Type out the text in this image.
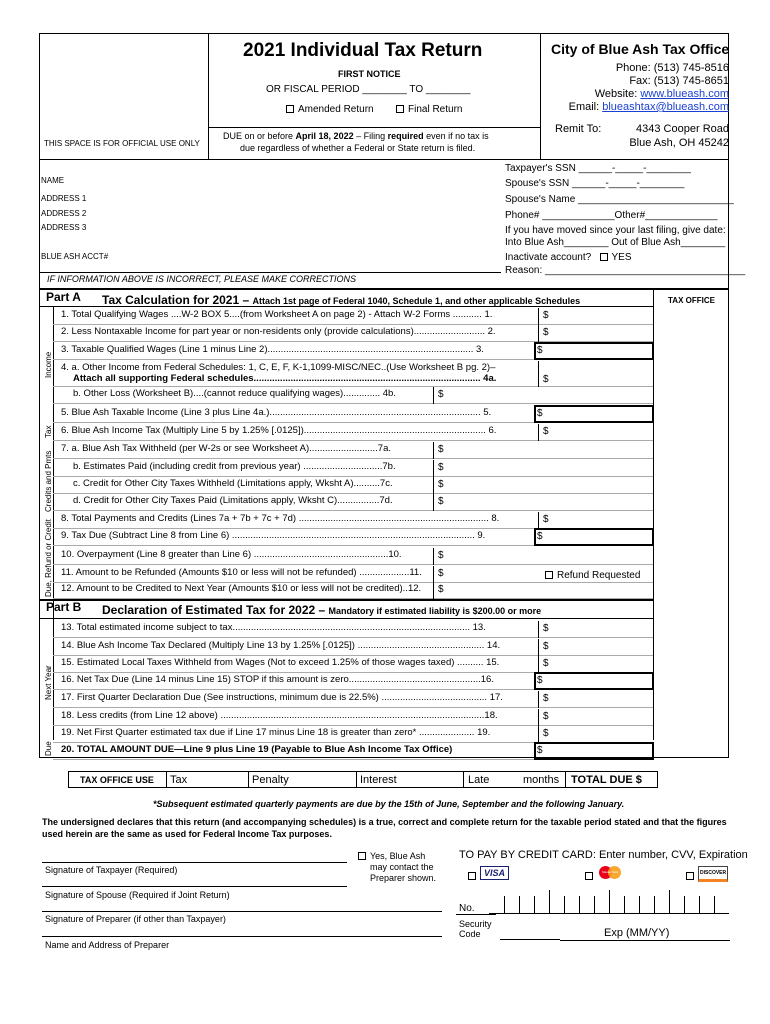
2021 Individual Tax Return
FIRST NOTICE
OR FISCAL PERIOD ________ TO ________
Amended Return	Final Return
THIS SPACE IS FOR OFFICIAL USE ONLY
DUE on or before April 18, 2022 – Filing required even if no tax is
due regardless of whether a Federal or State return is filed.
City of Blue Ash Tax Office
Phone: (513) 745-8516
Fax: (513) 745-8651
Website: www.blueash.com
Email: blueashtax@blueash.com
Remit To:	4343 Cooper Road
Blue Ash, OH 45242
NAME
ADDRESS 1
ADDRESS 2
ADDRESS 3
BLUE ASH ACCT#
IF INFORMATION ABOVE IS INCORRECT, PLEASE MAKE CORRECTIONS
Taxpayer's SSN ______-_____-________
Spouse's SSN ______-_____-________
Spouse's Name ____________________________
Phone# _____________Other#_____________
If you have moved since your last filing, give date:
Into Blue Ash________ Out of Blue Ash________
Inactivate account? YES
Reason: ____________________________________
Part A Tax Calculation for 2021 – Attach 1st page of Federal 1040, Schedule 1, and other applicable Schedules	TAX OFFICE
Income
Tax
Credits and Pmts
Due, Refund or Credit
1. Total Qualifying Wages ....W-2 BOX 5....(from Worksheet A on page 2) - Attach W-2 Forms ........... 1.	$
2. Less Nontaxable Income for part year or non-residents only (provide calculations)........................... 2.	$
3. Taxable Qualified Wages (Line 1 minus Line 2).............................................................................. 3.	$
4. a. Other Income from Federal Schedules: 1, C, E, F, K-1,1099-MISC/NEC..(Use Worksheet B pg. 2)–
Attach all supporting Federal schedules...................................................................................... 4a.	$
b. Other Loss (Worksheet B)....(cannot reduce qualifying wages).............. 4b.	$
5. Blue Ash Taxable Income (Line 3 plus Line 4a.)................................................................................ 5.	$
6. Blue Ash Income Tax (Multiply Line 5 by 1.25% [.0125])..................................................................... 6.	$
7. a. Blue Ash Tax Withheld (per W-2s or see Worksheet A)..........................7a.	$
b. Estimates Paid (including credit from previous year) ..............................7b.	$
c. Credit for Other City Taxes Withheld (Limitations apply, Wksht A)..........7c.	$
d. Credit for Other City Taxes Paid (Limitations apply, Wksht C)................7d.	$
8. Total Payments and Credits (Lines 7a + 7b + 7c + 7d) ........................................................................ 8.	$
9. Tax Due (Subtract Line 8 from Line 6) ............................................................................................ 9.	$
10. Overpayment (Line 8 greater than Line 6) ...................................................10.	$
11. Amount to be Refunded (Amounts $10 or less will not be refunded) ...................11. $	Refund Requested
12. Amount to be Credited to Next Year (Amounts $10 or less will not be credited)..12. $
Part B Declaration of Estimated Tax for 2022 – Mandatory if estimated liability is $200.00 or more
Next Year
Due
13. Total estimated income subject to tax.......................................................................................... 13.	$
14. Blue Ash Income Tax Declared (Multiply Line 13 by 1.25% [.0125]) ................................................ 14.	$
15. Estimated Local Taxes Withheld from Wages (Not to exceed 1.25% of those wages taxed) .......... 15.	$
16. Net Tax Due (Line 14 minus Line 15) STOP if this amount is zero..................................................16.	$
17. First Quarter Declaration Due (See instructions, minimum due is 22.5%) ........................................ 17.	$
18. Less credits (from Line 12 above) ....................................................................................................18.	$
19. Net First Quarter estimated tax due if Line 17 minus Line 18 is greater than zero* ..................... 19.	$
20. TOTAL AMOUNT DUE—Line 9 plus Line 19 (Payable to Blue Ash Income Tax Office)	$
TAX OFFICE USE Tax	Penalty	Interest	Late	months TOTAL DUE $
*Subsequent estimated quarterly payments are due by the 15th of June, September and the following January.
The undersigned declares that this return (and accompanying schedules) is a true, correct and complete return for the taxable period stated and that the figures used herein are the same as used for Federal Income Tax purposes.
Signature of Taxpayer (Required)
Signature of Spouse (Required if Joint Return)
Signature of Preparer (if other than Taxpayer)
Name and Address of Preparer
Yes, Blue Ash may contact the Preparer shown.
TO PAY BY CREDIT CARD: Enter number, CVV, Expiration
VISA	MasterCard	DISCOVER
No.
Security Code	Exp (MM/YY)
